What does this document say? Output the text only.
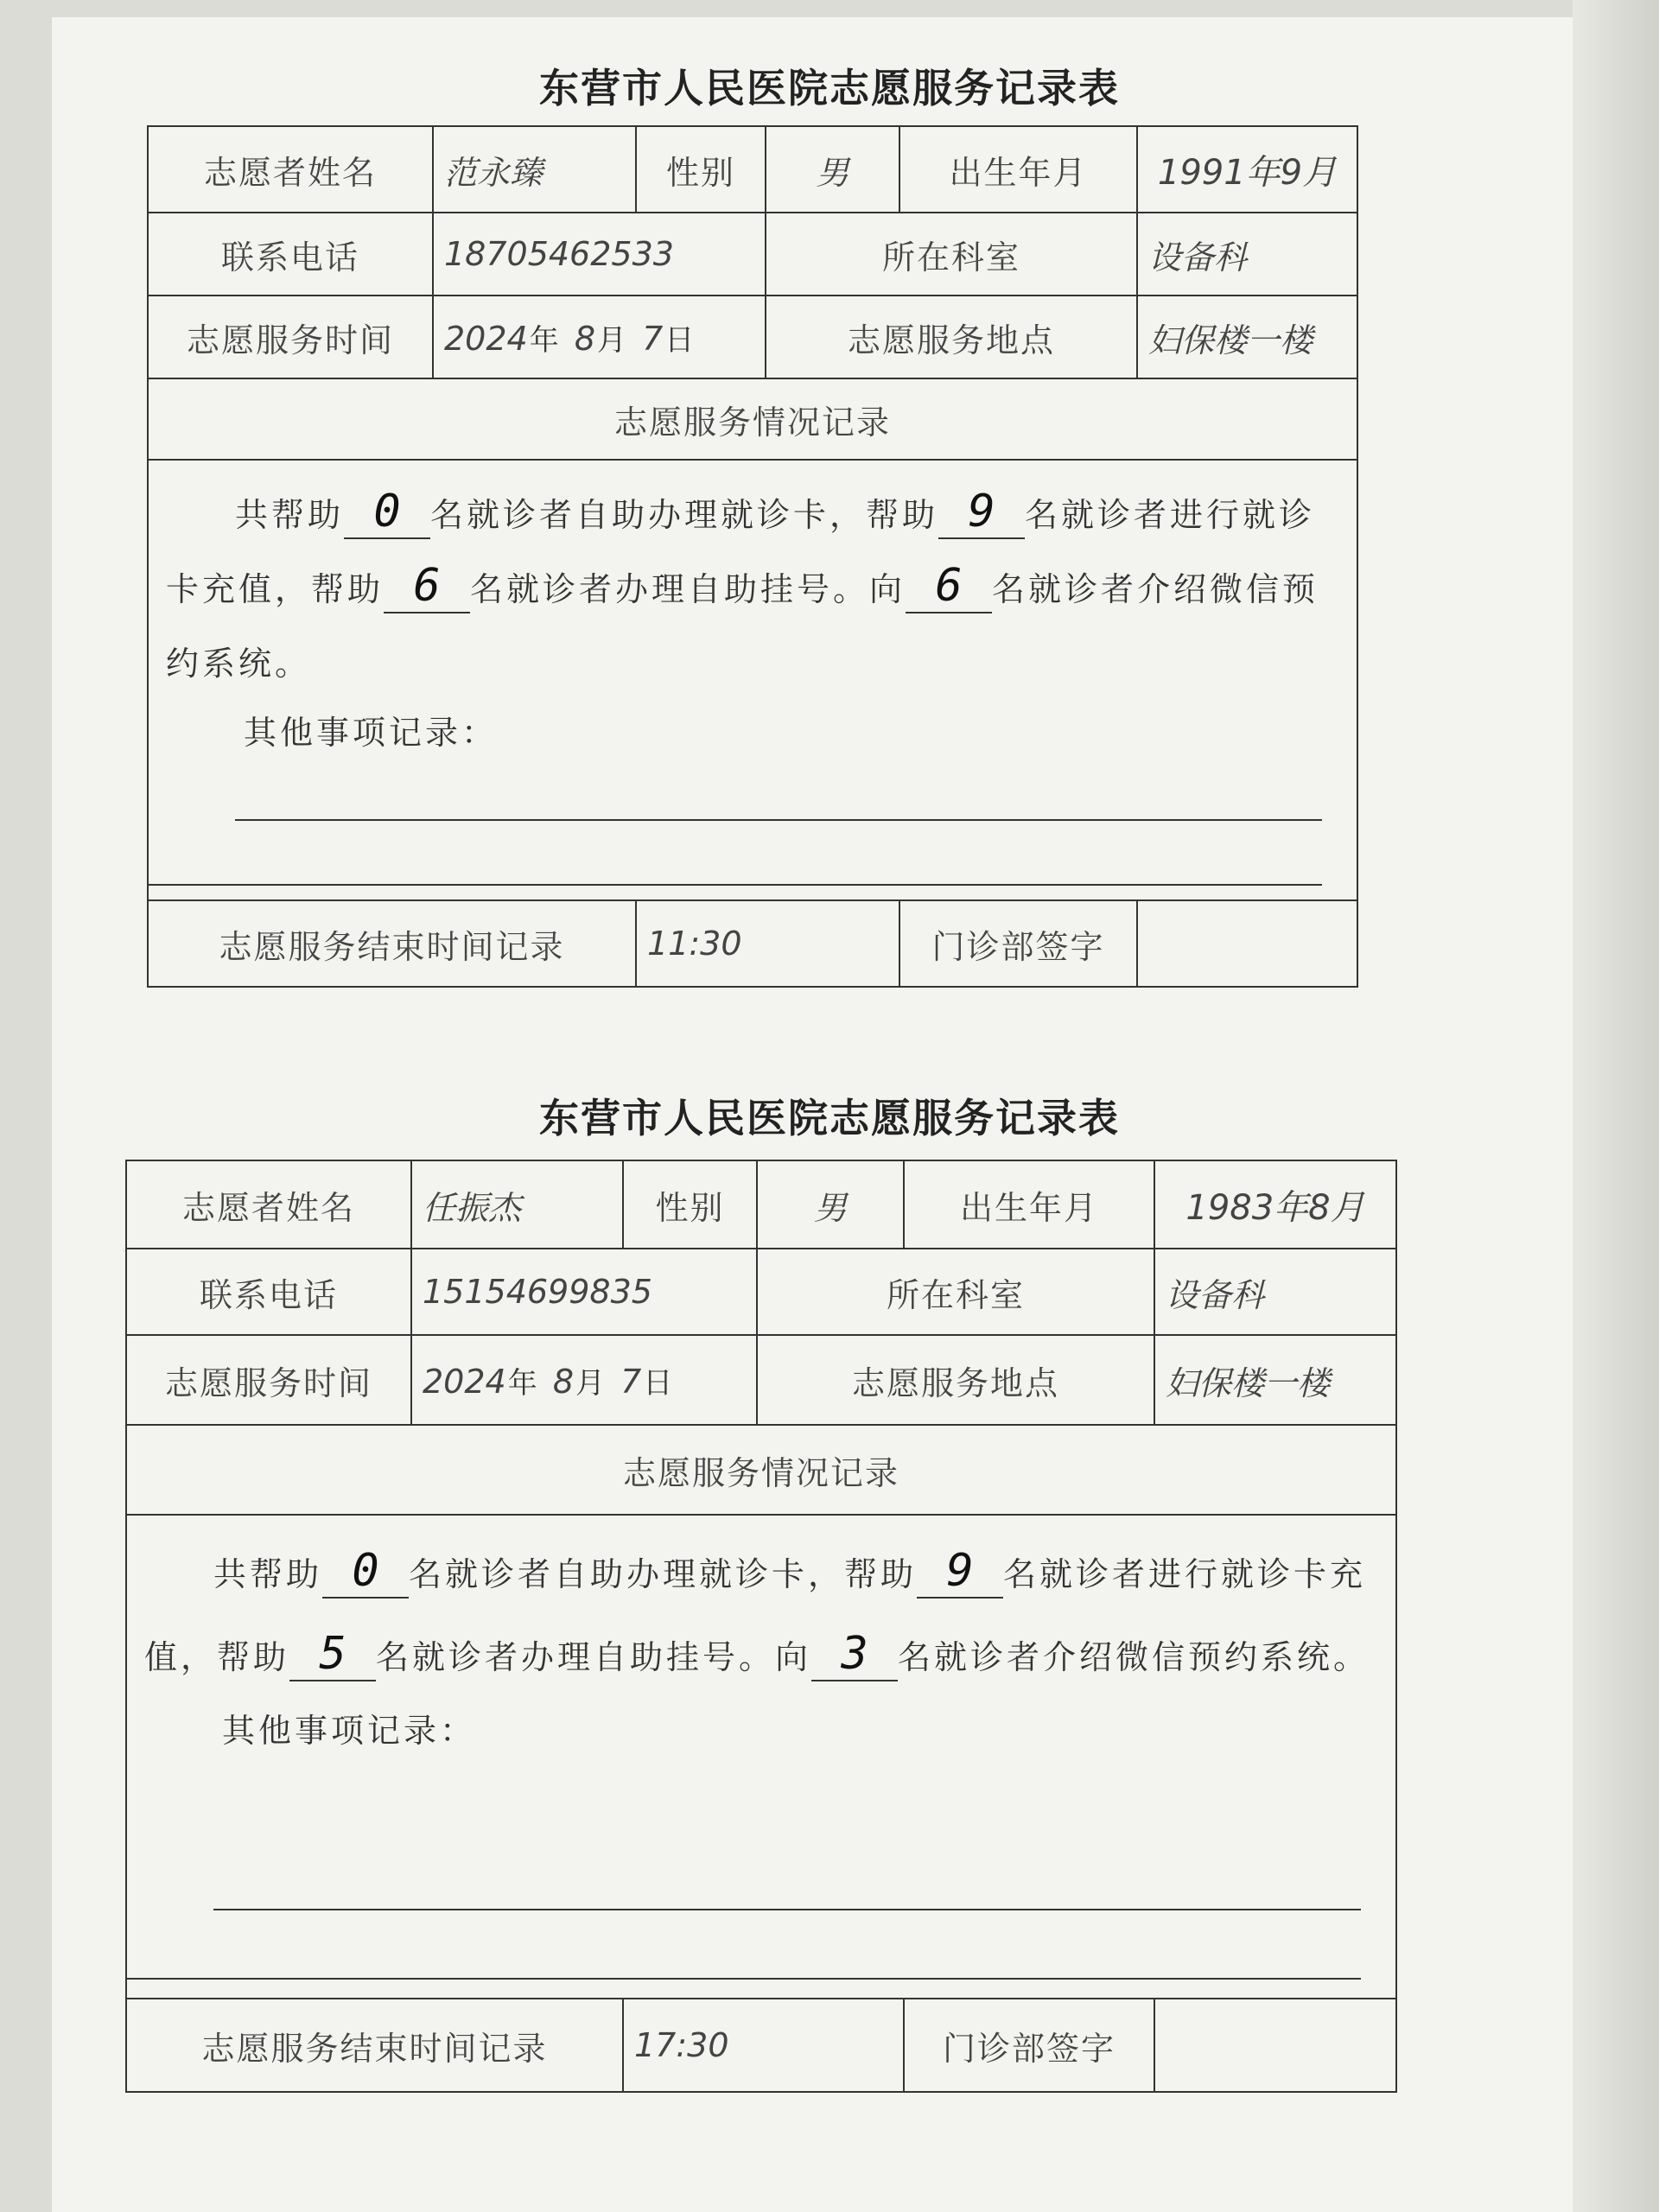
东营市人民医院志愿服务记录表
志愿者姓名	范永臻	性别	男	出生年月	1991年9月
联系电话	18705462533		所在科室		设备科
志愿服务时间	2024年 8月 7日		志愿服务地点		妇保楼一楼
志愿服务情况记录					

共帮助 0 名就诊者自助办理就诊卡，帮助 9 名就诊者进行就诊卡充值，帮助 6 名就诊者办理自助挂号。向 6 名就诊者介绍微信预约系统。
其他事项记录：					

志愿服务结束时间记录		11:30		门诊部签字	
东营市人民医院志愿服务记录表
志愿者姓名	任振杰	性别	男	出生年月	1983年8月
联系电话	15154699835		所在科室		设备科
志愿服务时间	2024年 8月 7日		志愿服务地点		妇保楼一楼
志愿服务情况记录					

共帮助 0 名就诊者自助办理就诊卡，帮助 9 名就诊者进行就诊卡充值，帮助 5 名就诊者办理自助挂号。向 3 名就诊者介绍微信预约系统。
其他事项记录：					

志愿服务结束时间记录		17:30		门诊部签字	
